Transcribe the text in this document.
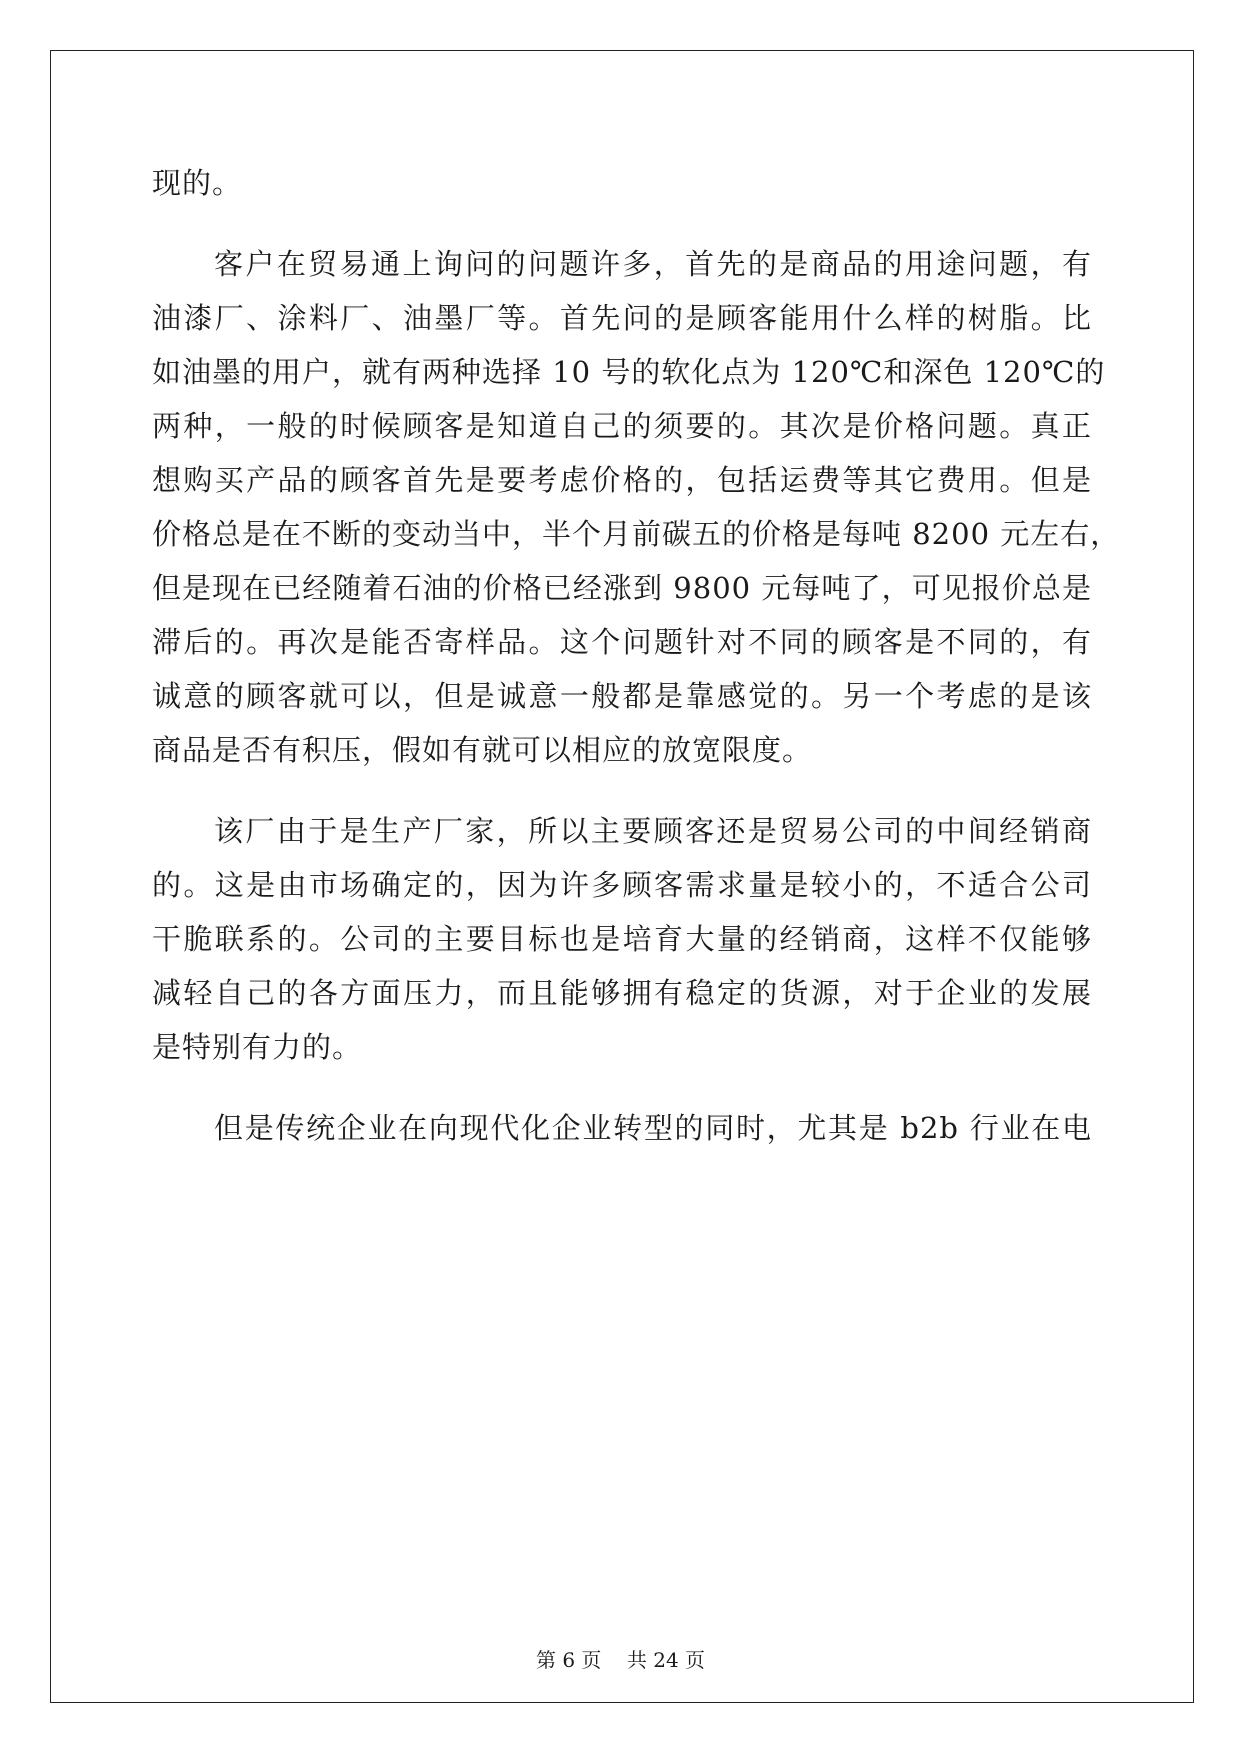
现的。
客户在贸易通上询问的问题许多，首先的是商品的用途问题，有
油漆厂、涂料厂、油墨厂等。首先问的是顾客能用什么样的树脂。比
如油墨的用户，就有两种选择 10 号的软化点为 120℃和深色 120℃的
两种，一般的时候顾客是知道自己的须要的。其次是价格问题。真正
想购买产品的顾客首先是要考虑价格的，包括运费等其它费用。但是
价格总是在不断的变动当中，半个月前碳五的价格是每吨 8200 元左右，
但是现在已经随着石油的价格已经涨到 9800 元每吨了，可见报价总是
滞后的。再次是能否寄样品。这个问题针对不同的顾客是不同的，有
诚意的顾客就可以，但是诚意一般都是靠感觉的。另一个考虑的是该
商品是否有积压，假如有就可以相应的放宽限度。
该厂由于是生产厂家，所以主要顾客还是贸易公司的中间经销商
的。这是由市场确定的，因为许多顾客需求量是较小的，不适合公司
干脆联系的。公司的主要目标也是培育大量的经销商，这样不仅能够
减轻自己的各方面压力，而且能够拥有稳定的货源，对于企业的发展
是特别有力的。
但是传统企业在向现代化企业转型的同时，尤其是 b2b 行业在电
第 6 页 共 24 页
